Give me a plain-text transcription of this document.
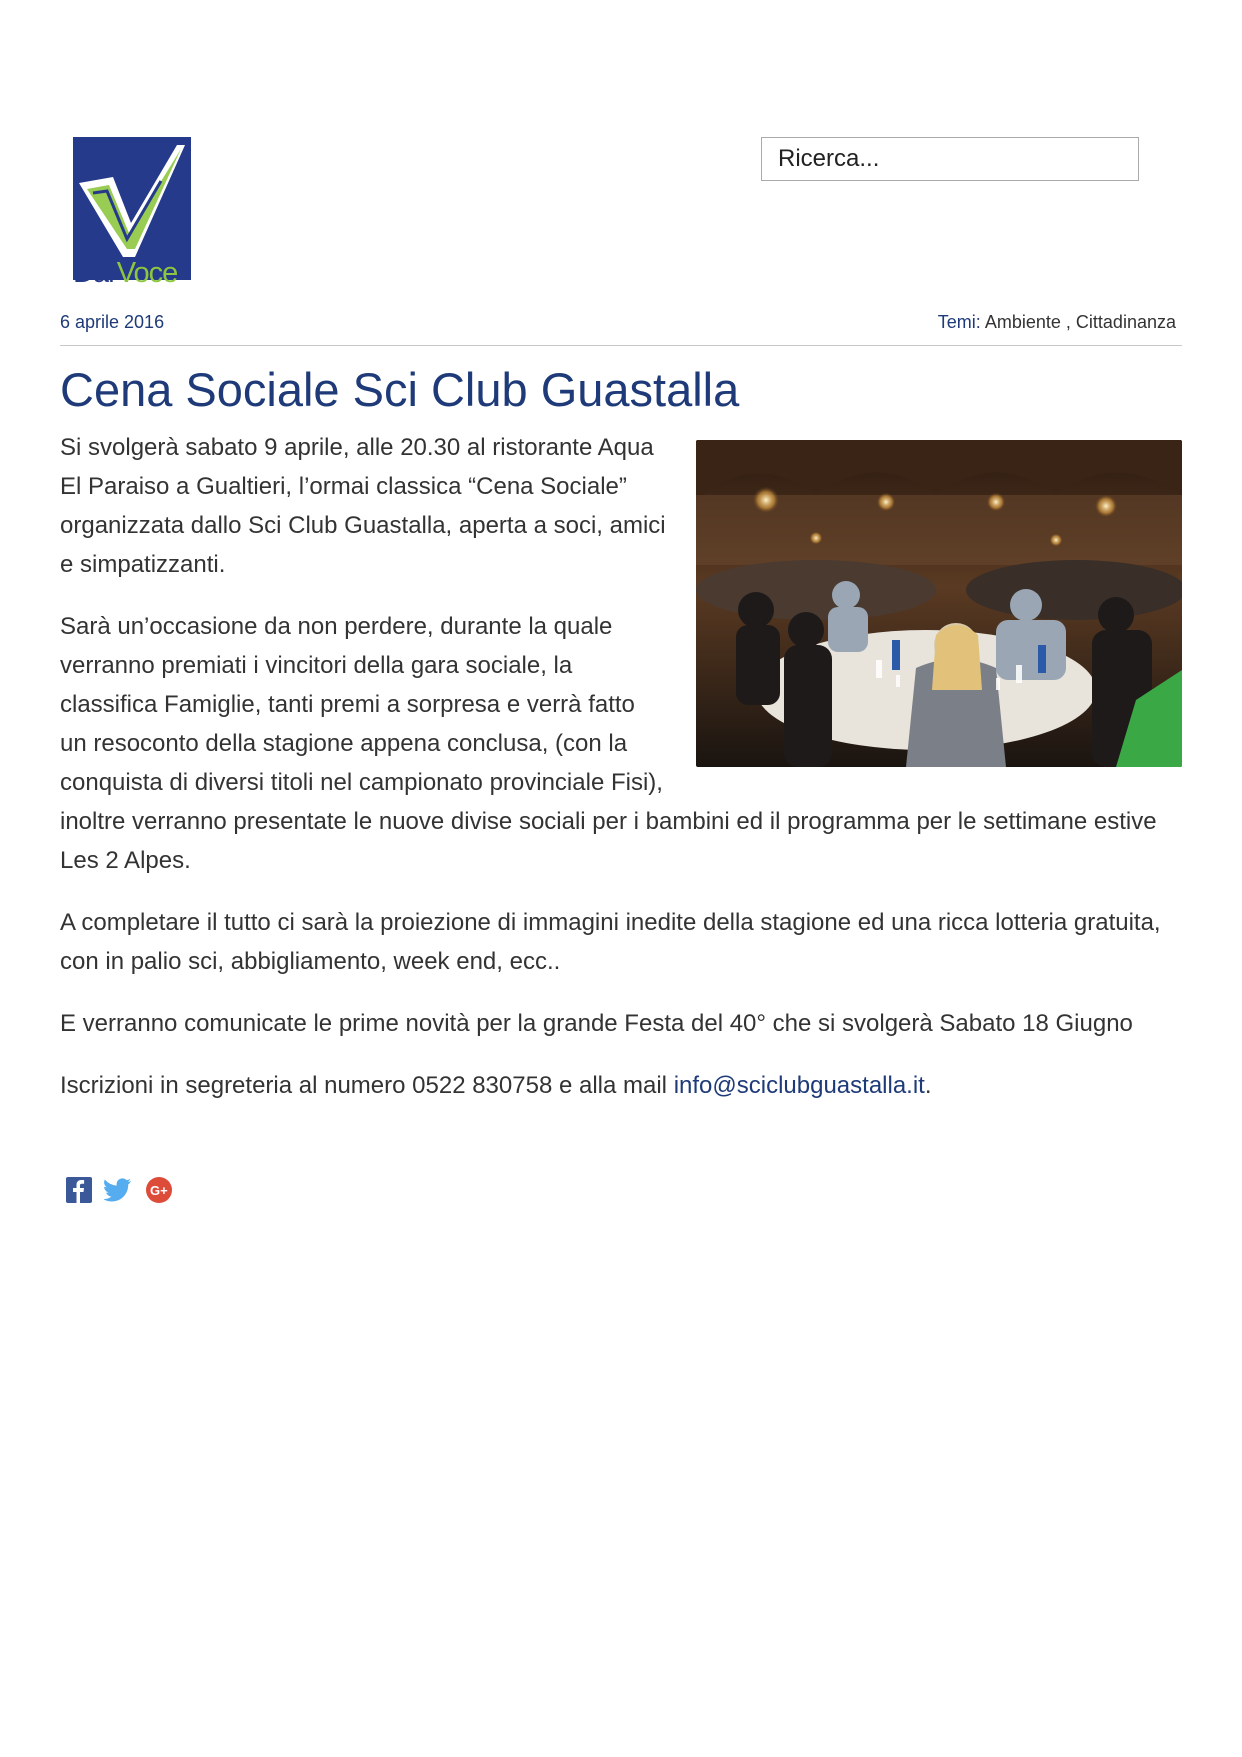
DarVoce
Ricerca...
6 aprile 2016	Temi: Ambiente , Cittadinanza
Cena Sociale Sci Club Guastalla

Si svolgerà sabato 9 aprile, alle 20.30 al ristorante Aqua El Paraiso a Gualtieri, l’ormai classica “Cena Sociale” organizzata dallo Sci Club Guastalla, aperta a soci, amici e simpatizzanti.

Sarà un’occasione da non perdere, durante la quale verranno premiati i vincitori della gara sociale, la classifica Famiglie, tanti premi a sorpresa e verrà fatto un resoconto della stagione appena conclusa, (con la conquista di diversi titoli nel campionato provinciale Fisi), inoltre verranno presentate le nuove divise sociali per i bambini ed il programma per le settimane estive Les 2 Alpes.

A completare il tutto ci sarà la proiezione di immagini inedite della stagione ed una ricca lotteria gratuita, con in palio sci, abbigliamento, week end, ecc..

E verranno comunicate le prime novità per la grande Festa del 40° che si svolgerà Sabato 18 Giugno

Iscrizioni in segreteria al numero 0522 830758 e alla mail info@sciclubguastalla.it.

G+
